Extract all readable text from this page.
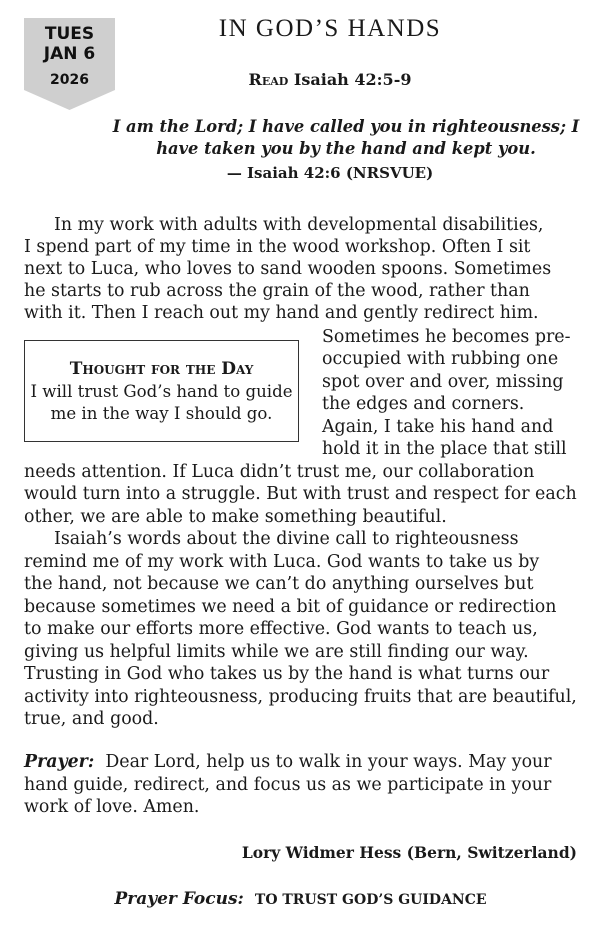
TUES
JAN 6
2026
IN GOD’S HANDS
Read Isaiah 42:5-9
I am the Lord; I have called you in righteousness; I
have taken you by the hand and kept you.
— Isaiah 42:6 (NRSVUE)
In my work with adults with developmental disabilities,
I spend part of my time in the wood workshop. Often I sit
next to Luca, who loves to sand wooden spoons. Sometimes
he starts to rub across the grain of the wood, rather than
with it. Then I reach out my hand and gently redirect him.
Sometimes he becomes pre-
occupied with rubbing one
spot over and over, missing
the edges and corners.
Again, I take his hand and
hold it in the place that still
needs attention. If Luca didn’t trust me, our collaboration
would turn into a struggle. But with trust and respect for each
other, we are able to make something beautiful.
Isaiah’s words about the divine call to righteousness
remind me of my work with Luca. God wants to take us by
the hand, not because we can’t do anything ourselves but
because sometimes we need a bit of guidance or redirection
to make our efforts more effective. God wants to teach us,
giving us helpful limits while we are still finding our way.
Trusting in God who takes us by the hand is what turns our
activity into righteousness, producing fruits that are beautiful,
true, and good.
Thought for the Day
I will trust God’s hand to guide
me in the way I should go.
Prayer: Dear Lord, help us to walk in your ways. May your
hand guide, redirect, and focus us as we participate in your
work of love. Amen.
Lory Widmer Hess (Bern, Switzerland)
Prayer Focus: TO TRUST GOD’S GUIDANCE
